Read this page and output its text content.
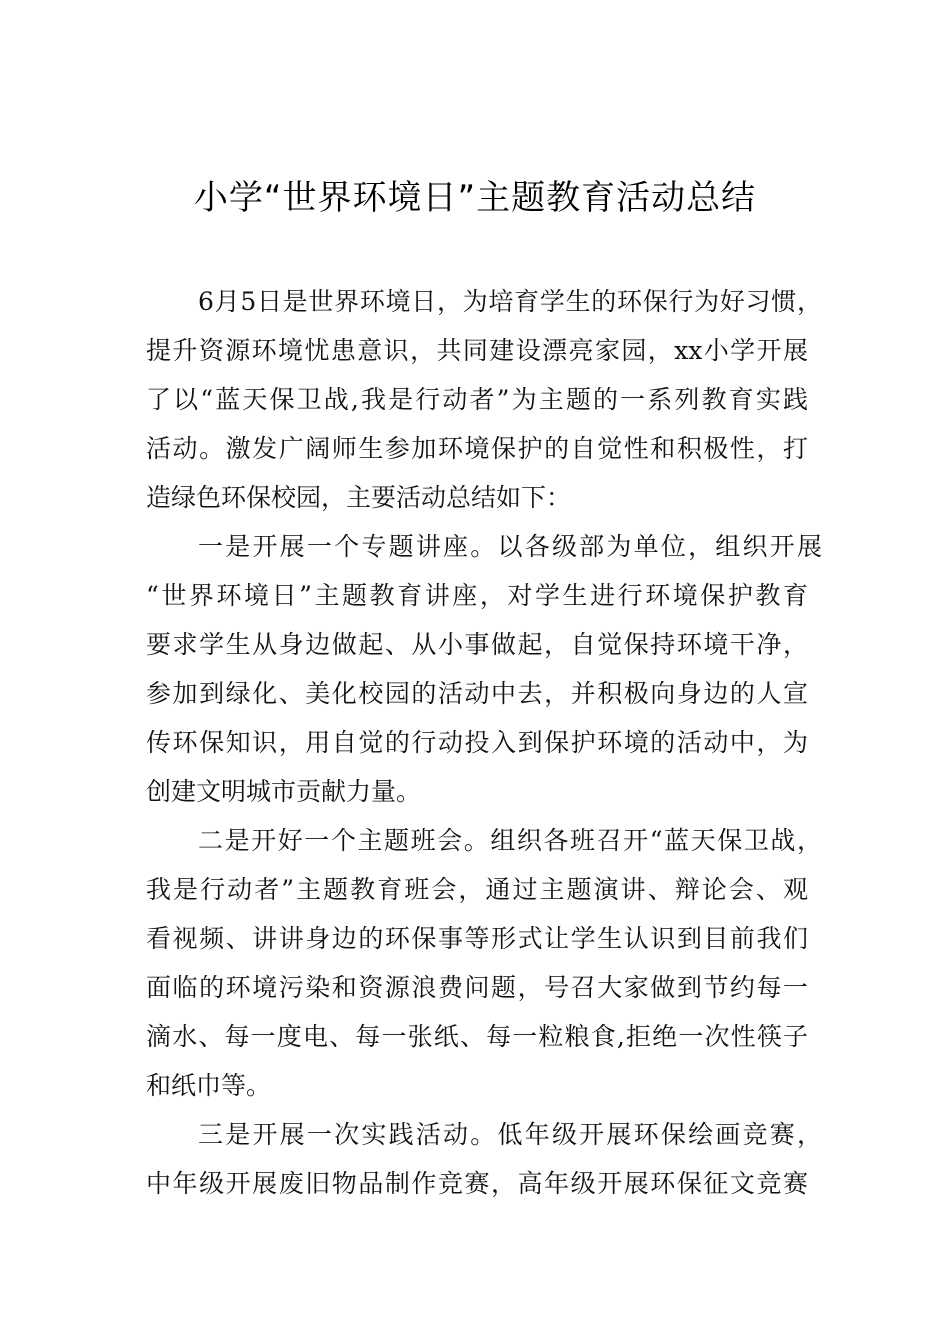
小学“世界环境日”主题教育活动总结

6月5日是世界环境日，为培育学生的环保行为好习惯，

提升资源环境忧患意识，共同建设漂亮家园，xx小学开展

了以“蓝天保卫战,我是行动者”为主题的一系列教育实践

活动。激发广阔师生参加环境保护的自觉性和积极性，打

造绿色环保校园，主要活动总结如下：

一是开展一个专题讲座。以各级部为单位，组织开展

“世界环境日”主题教育讲座，对学生进行环境保护教育

要求学生从身边做起、从小事做起，自觉保持环境干净，

参加到绿化、美化校园的活动中去，并积极向身边的人宣

传环保知识，用自觉的行动投入到保护环境的活动中，为

创建文明城市贡献力量。

二是开好一个主题班会。组织各班召开“蓝天保卫战，

我是行动者”主题教育班会，通过主题演讲、辩论会、观

看视频、讲讲身边的环保事等形式让学生认识到目前我们

面临的环境污染和资源浪费问题，号召大家做到节约每一

滴水、每一度电、每一张纸、每一粒粮食,拒绝一次性筷子

和纸巾等。

三是开展一次实践活动。低年级开展环保绘画竞赛，

中年级开展废旧物品制作竞赛，高年级开展环保征文竞赛
